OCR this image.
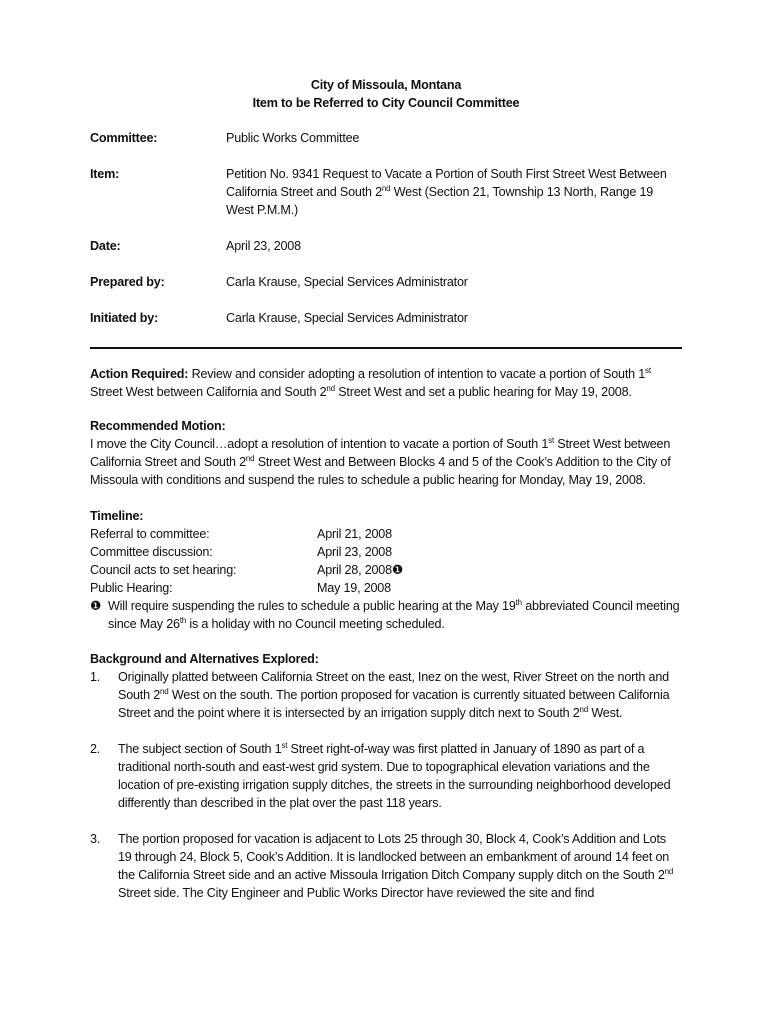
City of Missoula, Montana
Item to be Referred to City Council Committee
Committee:	Public Works Committee
Item:	Petition No. 9341 Request to Vacate a Portion of South First Street West Between California Street and South 2nd West (Section 21, Township 13 North, Range 19 West P.M.M.)
Date:	April 23, 2008
Prepared by:	Carla Krause, Special Services Administrator
Initiated by:	Carla Krause, Special Services Administrator

Action Required: Review and consider adopting a resolution of intention to vacate a portion of South 1st Street West between California and South 2nd Street West and set a public hearing for May 19, 2008.

Recommended Motion:

I move the City Council…adopt a resolution of intention to vacate a portion of South 1st Street West between California Street and South 2nd Street West and Between Blocks 4 and 5 of the Cook’s Addition to the City of Missoula with conditions and suspend the rules to schedule a public hearing for Monday, May 19, 2008.

Timeline:

Referral to committee:	April 21, 2008
Committee discussion:	April 23, 2008
Council acts to set hearing:	April 28, 2008❶
Public Hearing:	May 19, 2008
❶ Will require suspending the rules to schedule a public hearing at the May 19th abbreviated Council meeting since May 26th is a holiday with no Council meeting scheduled.

Background and Alternatives Explored:

1.	Originally platted between California Street on the east, Inez on the west, River Street on the north and South 2nd West on the south. The portion proposed for vacation is currently situated between California Street and the point where it is intersected by an irrigation supply ditch next to South 2nd West.
2.	The subject section of South 1st Street right-of-way was first platted in January of 1890 as part of a traditional north-south and east-west grid system. Due to topographical elevation variations and the location of pre-existing irrigation supply ditches, the streets in the surrounding neighborhood developed differently than described in the plat over the past 118 years.
3.	The portion proposed for vacation is adjacent to Lots 25 through 30, Block 4, Cook’s Addition and Lots 19 through 24, Block 5, Cook’s Addition. It is landlocked between an embankment of around 14 feet on the California Street side and an active Missoula Irrigation Ditch Company supply ditch on the South 2nd Street side. The City Engineer and Public Works Director have reviewed the site and find
